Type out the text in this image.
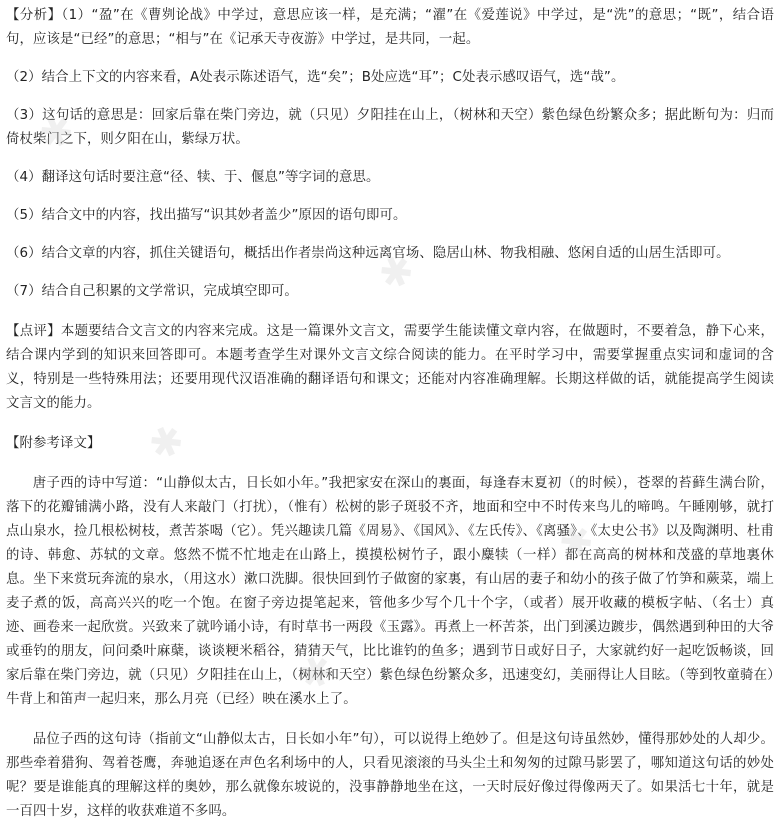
【分析】（1）“盈”在《曹刿论战》中学过，意思应该一样，是充满；“濯”在《爱莲说》中学过，是“洗”的意思；“既”，结合语句，应该是“已经”的意思；“相与”在《记承天寺夜游》中学过，是共同，一起。

（2）结合上下文的内容来看，A处表示陈述语气，选“矣”；B处应选“耳”；C处表示感叹语气，选“哉”。

（3）这句话的意思是：回家后靠在柴门旁边，就（只见）夕阳挂在山上，（树林和天空）紫色绿色纷繁众多；据此断句为：归而倚杖柴门之下，则夕阳在山，紫绿万状。

（4）翻译这句话时要注意“径、犊、于、偃息”等字词的意思。

（5）结合文中的内容，找出描写“识其妙者盖少”原因的语句即可。

（6）结合文章的内容，抓住关键语句，概括出作者崇尚这种远离官场、隐居山林、物我相融、悠闲自适的山居生活即可。

（7）结合自己积累的文学常识，完成填空即可。

【点评】本题要结合文言文的内容来完成。这是一篇课外文言文，需要学生能读懂文章内容，在做题时，不要着急，静下心来，结合课内学到的知识来回答即可。本题考查学生对课外文言文综合阅读的能力。在平时学习中，需要掌握重点实词和虚词的含义，特别是一些特殊用法；还要用现代汉语准确的翻译语句和课文；还能对内容准确理解。长期这样做的话，就能提高学生阅读文言文的能力。

【附参考译文】

唐子西的诗中写道：“山静似太古，日长如小年。”我把家安在深山的裏面，每逢春末夏初（的时候），苍翠的苔藓生满台阶，落下的花瓣铺满小路，没有人来敲门（打扰），（惟有）松树的影子斑驳不齐，地面和空中不时传来鸟儿的啼鸣。午睡刚够，就打点山泉水，捡几根松树枝，煮苦茶喝（它）。凭兴趣读几篇《周易》、《国风》、《左氏传》、《离骚》、《太史公书》以及陶渊明、杜甫的诗、韩愈、苏轼的文章。悠然不慌不忙地走在山路上，摸摸松树竹子，跟小麋犊（一样）都在高高的树林和茂盛的草地裏休息。坐下来赏玩奔流的泉水，（用这水）漱口洗脚。很快回到竹子做窗的家裏，有山居的妻子和幼小的孩子做了竹笋和蕨菜，端上麦子煮的饭，高高兴兴的吃一个饱。在窗子旁边提笔起来，管他多少写个几十个字，（或者）展开收藏的模板字帖、（名士）真迹、画卷来一起欣赏。兴致来了就吟诵小诗，有时草书一两段《玉露》。再煮上一杯苦茶，出门到溪边踱步，偶然遇到种田的大爷或垂钓的朋友，问问桑叶麻蘖，谈谈粳米稻谷，猜猜天气，比比谁钓的鱼多；遇到节日或好日子，大家就约好一起吃饭畅谈，回家后靠在柴门旁边，就（只见）夕阳挂在山上，（树林和天空）紫色绿色纷繁众多，迅速变幻，美丽得让人目眩。（等到牧童骑在）牛背上和笛声一起归来，那么月亮（已经）映在溪水上了。

品位子西的这句诗（指前文“山静似太古，日长如小年”句），可以说得上绝妙了。但是这句诗虽然妙，懂得那妙处的人却少。那些牵着猎狗、驾着苍鹰，奔驰追逐在声色名利场中的人，只看见滚滚的马头尘土和匆匆的过隙马影罢了，哪知道这句话的妙处呢？要是谁能真的理解这样的奥妙，那么就像东坡说的，没事静静地坐在这，一天时辰好像过得像两天了。如果活七十年，就是一百四十岁，这样的收获难道不多吗。

✱
✱
✱
✱
✱
